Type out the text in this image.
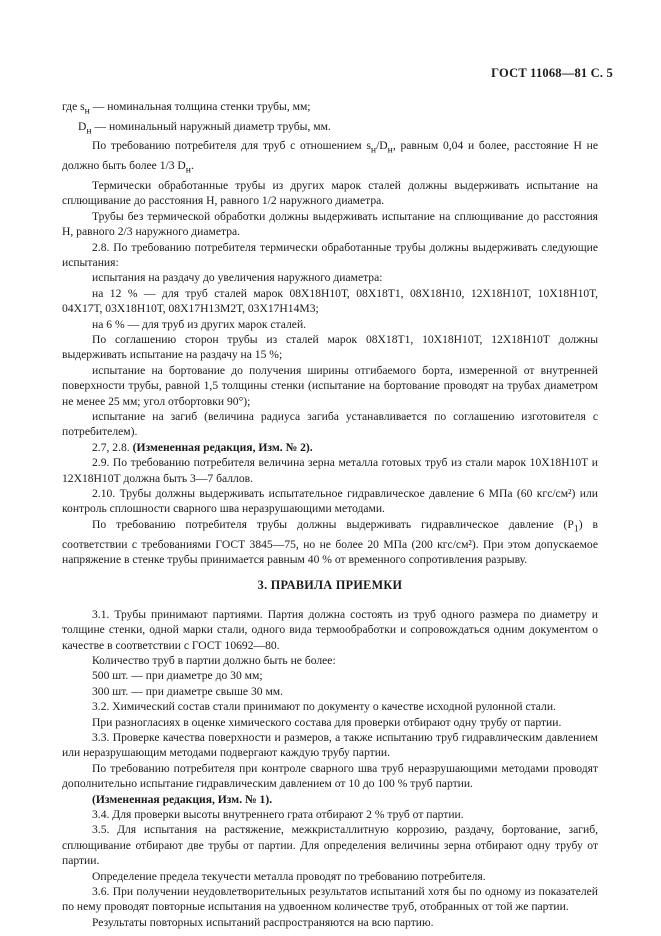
ГОСТ 11068—81 С. 5

где $s_н$ — номинальная толщина стенки трубы, мм;

$D_н$ — номинальный наружный диаметр трубы, мм.

По требованию потребителя для труб с отношением $s_н/D_н$, равным 0,04 и более, расстояние H не должно быть более 1/3 $D_н$.

Термически обработанные трубы из других марок сталей должны выдерживать испытание на сплющивание до расстояния H, равного 1/2 наружного диаметра.

Трубы без термической обработки должны выдерживать испытание на сплющивание до расстояния H, равного 2/3 наружного диаметра.

2.8. По требованию потребителя термически обработанные трубы должны выдерживать следующие испытания:

испытания на раздачу до увеличения наружного диаметра:

на 12 % — для труб сталей марок 08Х18Н10Т, 08Х18Т1, 08Х18Н10, 12Х18Н10Т, 10Х18Н10Т, 04Х17Т, 03Х18Н10Т, 08Х17Н13М2Т, 03Х17Н14М3;

на 6 % — для труб из других марок сталей.

По соглашению сторон трубы из сталей марок 08Х18Т1, 10Х18Н10Т, 12Х18Н10Т должны выдерживать испытание на раздачу на 15 %;

испытание на бортование до получения ширины отгибаемого борта, измеренной от внутренней поверхности трубы, равной 1,5 толщины стенки (испытание на бортование проводят на трубах диаметром не менее 25 мм; угол отбортовки 90°);

испытание на загиб (величина радиуса загиба устанавливается по соглашению изготовителя с потребителем).

2.7, 2.8. (Измененная редакция, Изм. № 2).

2.9. По требованию потребителя величина зерна металла готовых труб из стали марок 10Х18Н10Т и 12Х18Н10Т должна быть 3—7 баллов.

2.10. Трубы должны выдерживать испытательное гидравлическое давление 6 МПа (60 кгс/см²) или контроль сплошности сварного шва неразрушающими методами.

По требованию потребителя трубы должны выдерживать гидравлическое давление $(P_1)$ в соответствии с требованиями ГОСТ 3845—75, но не более 20 МПа (200 кгс/см²). При этом допускаемое напряжение в стенке трубы принимается равным 40 % от временного сопротивления разрыву.

3. ПРАВИЛА ПРИЕМКИ

3.1. Трубы принимают партиями. Партия должна состоять из труб одного размера по диаметру и толщине стенки, одной марки стали, одного вида термообработки и сопровождаться одним документом о качестве в соответствии с ГОСТ 10692—80.

Количество труб в партии должно быть не более:

500 шт. — при диаметре до 30 мм;

300 шт. — при диаметре свыше 30 мм.

3.2. Химический состав стали принимают по документу о качестве исходной рулонной стали.

При разногласиях в оценке химического состава для проверки отбирают одну трубу от партии.

3.3. Проверке качества поверхности и размеров, а также испытанию труб гидравлическим давлением или неразрушающим методами подвергают каждую трубу партии.

По требованию потребителя при контроле сварного шва труб неразрушающими методами проводят дополнительно испытание гидравлическим давлением от 10 до 100 % труб партии.

(Измененная редакция, Изм. № 1).

3.4. Для проверки высоты внутреннего грата отбирают 2 % труб от партии.

3.5. Для испытания на растяжение, межкристаллитную коррозию, раздачу, бортование, загиб, сплющивание отбирают две трубы от партии. Для определения величины зерна отбирают одну трубу от партии.

Определение предела текучести металла проводят по требованию потребителя.

3.6. При получении неудовлетворительных результатов испытаний хотя бы по одному из показателей по нему проводят повторные испытания на удвоенном количестве труб, отобранных от той же партии.

Результаты повторных испытаний распространяются на всю партию.
